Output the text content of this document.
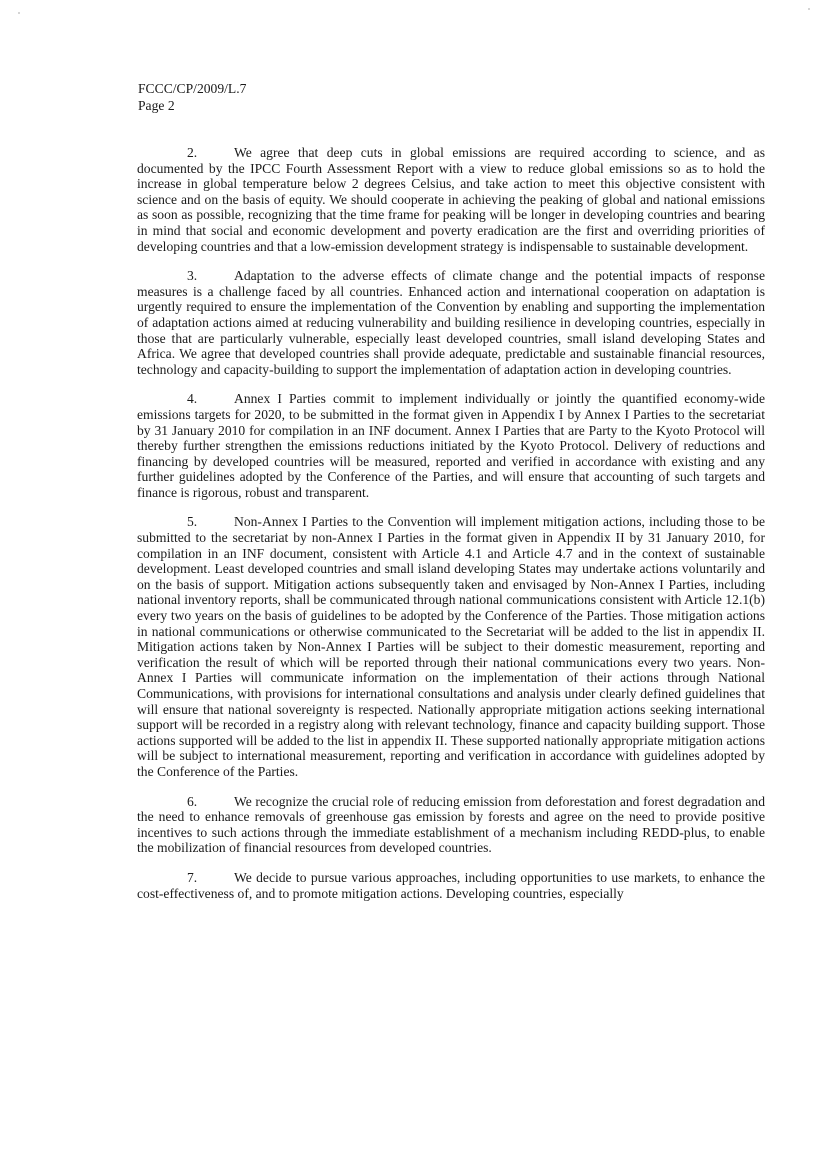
FCCC/CP/2009/L.7
Page 2

2.	We agree that deep cuts in global emissions are required according to science, and as documented by the IPCC Fourth Assessment Report with a view to reduce global emissions so as to hold the increase in global temperature below 2 degrees Celsius, and take action to meet this objective consistent with science and on the basis of equity. We should cooperate in achieving the peaking of global and national emissions as soon as possible, recognizing that the time frame for peaking will be longer in developing countries and bearing in mind that social and economic development and poverty eradication are the first and overriding priorities of developing countries and that a low-emission development strategy is indispensable to sustainable development.

3.	Adaptation to the adverse effects of climate change and the potential impacts of response measures is a challenge faced by all countries. Enhanced action and international cooperation on adaptation is urgently required to ensure the implementation of the Convention by enabling and supporting the implementation of adaptation actions aimed at reducing vulnerability and building resilience in developing countries, especially in those that are particularly vulnerable, especially least developed countries, small island developing States and Africa. We agree that developed countries shall provide adequate, predictable and sustainable financial resources, technology and capacity-building to support the implementation of adaptation action in developing countries.

4.	Annex I Parties commit to implement individually or jointly the quantified economy-wide emissions targets for 2020, to be submitted in the format given in Appendix I by Annex I Parties to the secretariat by 31 January 2010 for compilation in an INF document. Annex I Parties that are Party to the Kyoto Protocol will thereby further strengthen the emissions reductions initiated by the Kyoto Protocol. Delivery of reductions and financing by developed countries will be measured, reported and verified in accordance with existing and any further guidelines adopted by the Conference of the Parties, and will ensure that accounting of such targets and finance is rigorous, robust and transparent.

5.	Non-Annex I Parties to the Convention will implement mitigation actions, including those to be submitted to the secretariat by non-Annex I Parties in the format given in Appendix II by 31 January 2010, for compilation in an INF document, consistent with Article 4.1 and Article 4.7 and in the context of sustainable development. Least developed countries and small island developing States may undertake actions voluntarily and on the basis of support. Mitigation actions subsequently taken and envisaged by Non-Annex I Parties, including national inventory reports, shall be communicated through national communications consistent with Article 12.1(b) every two years on the basis of guidelines to be adopted by the Conference of the Parties. Those mitigation actions in national communications or otherwise communicated to the Secretariat will be added to the list in appendix II. Mitigation actions taken by Non-Annex I Parties will be subject to their domestic measurement, reporting and verification the result of which will be reported through their national communications every two years. Non-Annex I Parties will communicate information on the implementation of their actions through National Communications, with provisions for international consultations and analysis under clearly defined guidelines that will ensure that national sovereignty is respected. Nationally appropriate mitigation actions seeking international support will be recorded in a registry along with relevant technology, finance and capacity building support. Those actions supported will be added to the list in appendix II. These supported nationally appropriate mitigation actions will be subject to international measurement, reporting and verification in accordance with guidelines adopted by the Conference of the Parties.

6.	We recognize the crucial role of reducing emission from deforestation and forest degradation and the need to enhance removals of greenhouse gas emission by forests and agree on the need to provide positive incentives to such actions through the immediate establishment of a mechanism including REDD-plus, to enable the mobilization of financial resources from developed countries.

7.	We decide to pursue various approaches, including opportunities to use markets, to enhance the cost-effectiveness of, and to promote mitigation actions. Developing countries, especially
